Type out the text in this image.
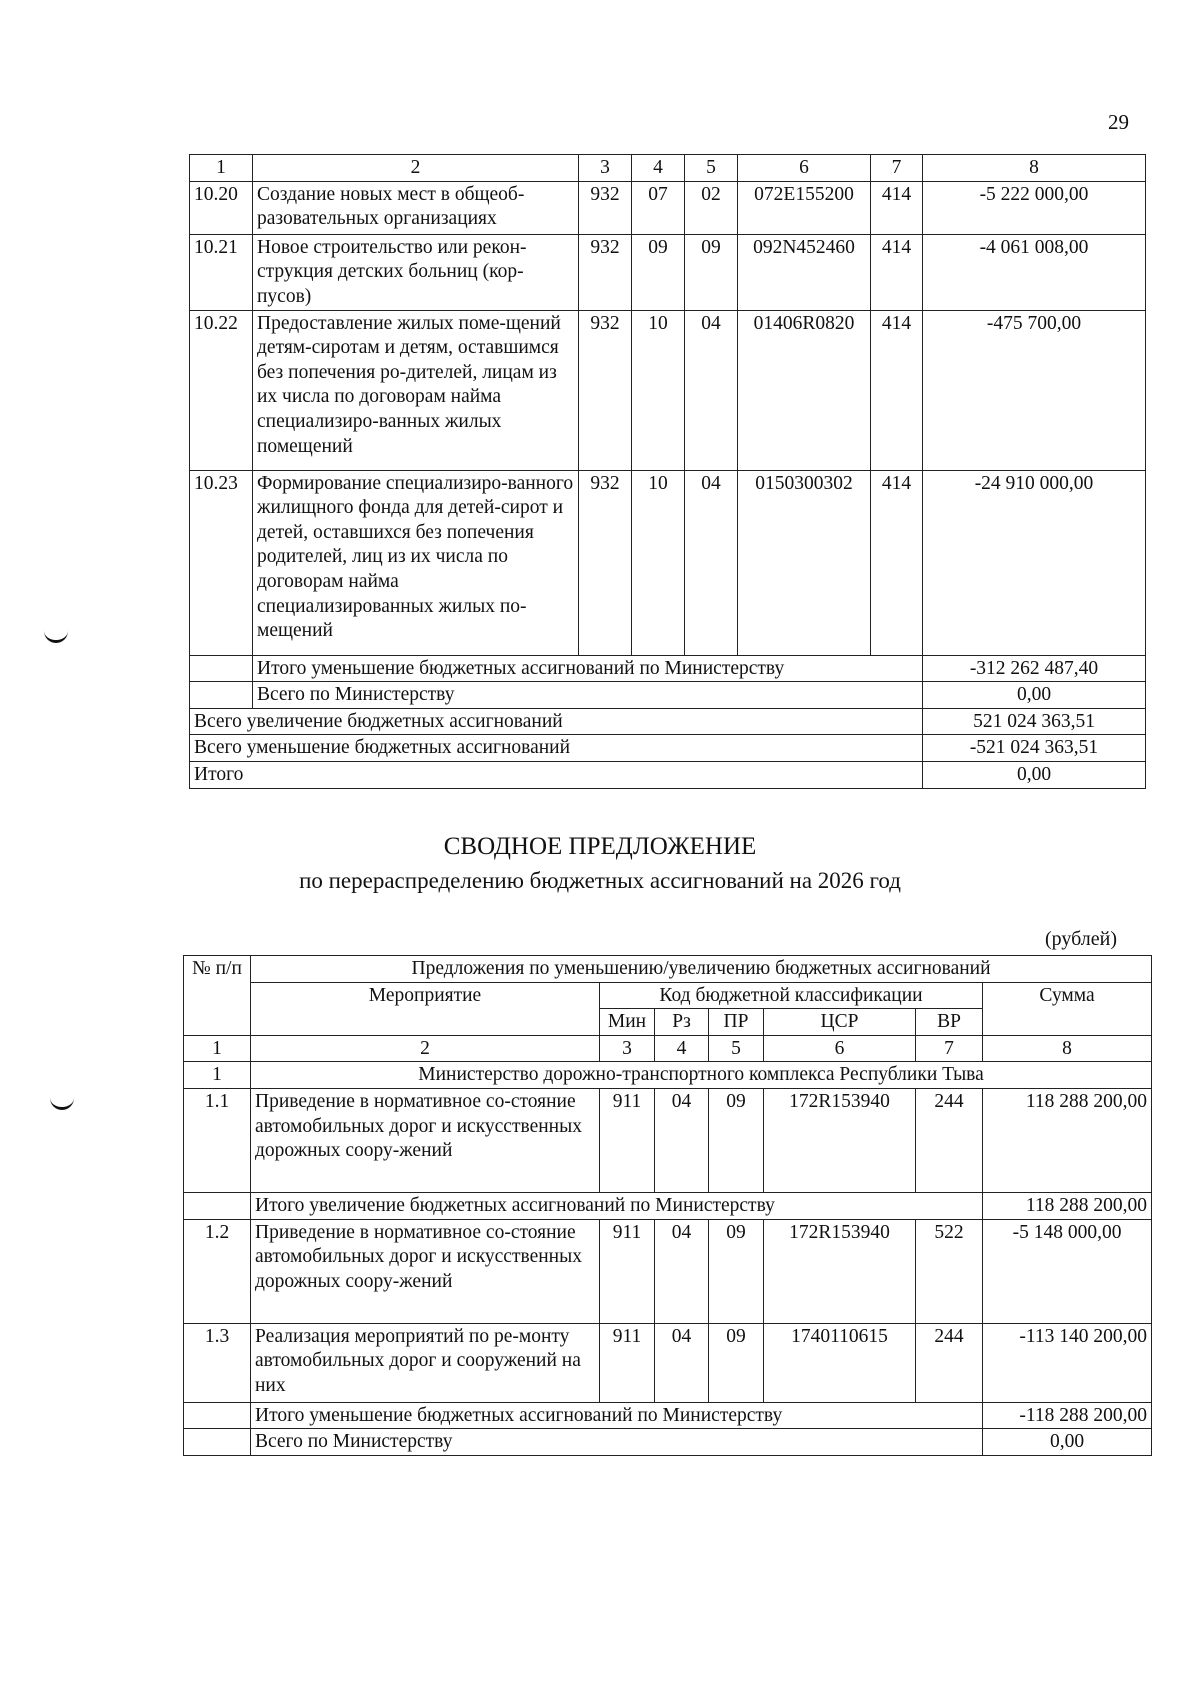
29
1	2	3	4	5	6	7	8
10.20	Создание новых мест в общеоб-разовательных организациях	932	07	02	072E155200	414	-5 222 000,00
10.21	Новое строительство или рекон-струкция детских больниц (кор-пусов)	932	09	09	092N452460	414	-4 061 008,00
10.22	Предоставление жилых поме-щений детям-сиротам и детям, оставшимся без попечения ро-дителей, лицам из их числа по договорам найма специализиро-ванных жилых помещений	932	10	04	01406R0820	414	-475 700,00
10.23	Формирование специализиро-ванного жилищного фонда для детей-сирот и детей, оставшихся без попечения родителей, лиц из их числа по договорам найма специализированных жилых по-мещений	932	10	04	0150300302	414	-24 910 000,00
	Итого уменьшение бюджетных ассигнований по Министерству						-312 262 487,40
	Всего по Министерству						0,00
Всего увеличение бюджетных ассигнований							521 024 363,51
Всего уменьшение бюджетных ассигнований							-521 024 363,51
Итого							0,00
СВОДНОЕ ПРЕДЛОЖЕНИЕ
по перераспределению бюджетных ассигнований на 2026 год
(рублей)
№ п/п	Предложения по уменьшению/увеличению бюджетных ассигнований						
	Мероприятие	Код бюджетной классификации					Сумма
		Мин	Рз	ПР	ЦСР	ВР	
1	2	3	4	5	6	7	8
1	Министерство дорожно-транспортного комплекса Республики Тыва						
1.1	Приведение в нормативное со-стояние автомобильных дорог и искусственных дорожных соору-жений	911	04	09	172R153940	244	118 288 200,00
	Итого увеличение бюджетных ассигнований по Министерству						118 288 200,00
1.2	Приведение в нормативное со-стояние автомобильных дорог и искусственных дорожных соору-жений	911	04	09	172R153940	522	-5 148 000,00
1.3	Реализация мероприятий по ре-монту автомобильных дорог и сооружений на них	911	04	09	1740110615	244	-113 140 200,00
	Итого уменьшение бюджетных ассигнований по Министерству						-118 288 200,00
	Всего по Министерству						0,00
